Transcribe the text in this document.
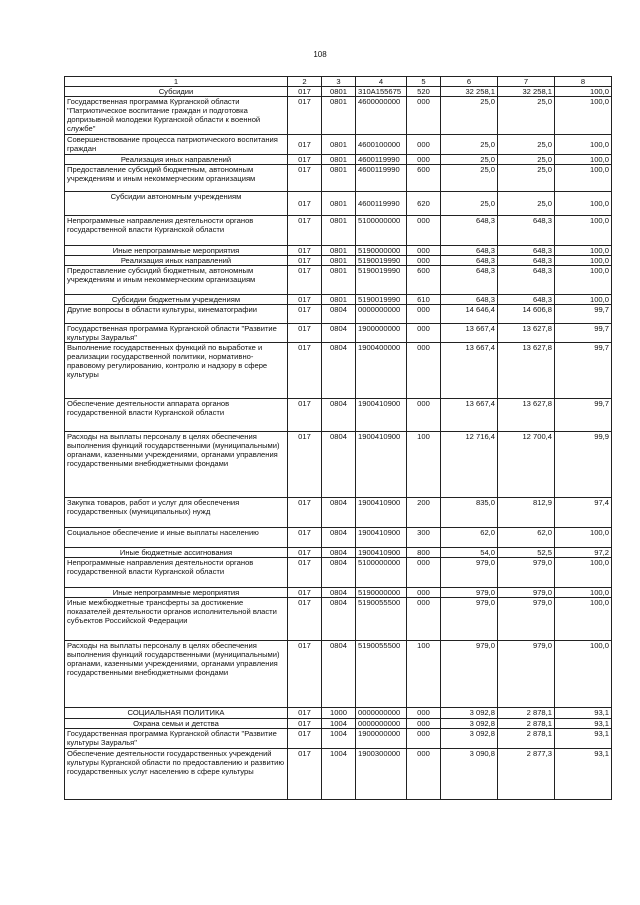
108
1	2	3	4	5	6	7	8
Субсидии	017	0801	310А155675	520	32 258,1	32 258,1	100,0
Государственная программа Курганской области "Патриотическое воспитание граждан и подготовка допризывной молодежи Курганской области к военной службе"	017	0801	4600000000	000	25,0	25,0	100,0
Совершенствование процесса патриотического воспитания граждан	017	0801	4600100000	000	25,0	25,0	100,0
Реализация иных направлений	017	0801	4600119990	000	25,0	25,0	100,0
Предоставление субсидий бюджетным, автономным учреждениям и иным некоммерческим организациям	017	0801	4600119990	600	25,0	25,0	100,0
Субсидии автономным учреждениям	017	0801	4600119990	620	25,0	25,0	100,0
Непрограммные направления деятельности органов государственной власти Курганской области	017	0801	5100000000	000	648,3	648,3	100,0
Иные непрограммные мероприятия	017	0801	5190000000	000	648,3	648,3	100,0
Реализация иных направлений	017	0801	5190019990	000	648,3	648,3	100,0
Предоставление субсидий бюджетным, автономным учреждениям и иным некоммерческим организациям	017	0801	5190019990	600	648,3	648,3	100,0
Субсидии бюджетным учреждениям	017	0801	5190019990	610	648,3	648,3	100,0
Другие вопросы в области культуры, кинематографии	017	0804	0000000000	000	14 646,4	14 606,8	99,7
Государственная программа Курганской области "Развитие культуры Зауралья"	017	0804	1900000000	000	13 667,4	13 627,8	99,7
Выполнение государственных функций по выработке и реализации государственной политики, нормативно-правовому регулированию, контролю и надзору в сфере культуры	017	0804	1900400000	000	13 667,4	13 627,8	99,7
Обеспечение деятельности аппарата органов государственной власти Курганской области	017	0804	1900410900	000	13 667,4	13 627,8	99,7
Расходы на выплаты персоналу в целях обеспечения выполнения функций государственными (муниципальными) органами, казенными учреждениями, органами управления государственными внебюджетными фондами	017	0804	1900410900	100	12 716,4	12 700,4	99,9
Закупка товаров, работ и услуг для обеспечения государственных (муниципальных) нужд	017	0804	1900410900	200	835,0	812,9	97,4
Социальное обеспечение и иные выплаты населению	017	0804	1900410900	300	62,0	62,0	100,0
Иные бюджетные ассигнования	017	0804	1900410900	800	54,0	52,5	97,2
Непрограммные направления деятельности органов государственной власти Курганской области	017	0804	5100000000	000	979,0	979,0	100,0
Иные непрограммные мероприятия	017	0804	5190000000	000	979,0	979,0	100,0
Иные межбюджетные трансферты за достижение показателей деятельности органов исполнительной власти субъектов Российской Федерации	017	0804	5190055500	000	979,0	979,0	100,0
Расходы на выплаты персоналу в целях обеспечения выполнения функций государственными (муниципальными) органами, казенными учреждениями, органами управления государственными внебюджетными фондами	017	0804	5190055500	100	979,0	979,0	100,0
СОЦИАЛЬНАЯ ПОЛИТИКА	017	1000	0000000000	000	3 092,8	2 878,1	93,1
Охрана семьи и детства	017	1004	0000000000	000	3 092,8	2 878,1	93,1
Государственная программа Курганской области "Развитие культуры Зауралья"	017	1004	1900000000	000	3 092,8	2 878,1	93,1
Обеспечение деятельности государственных учреждений культуры Курганской области по предоставлению и развитию государственных услуг населению в сфере культуры	017	1004	1900300000	000	3 090,8	2 877,3	93,1
